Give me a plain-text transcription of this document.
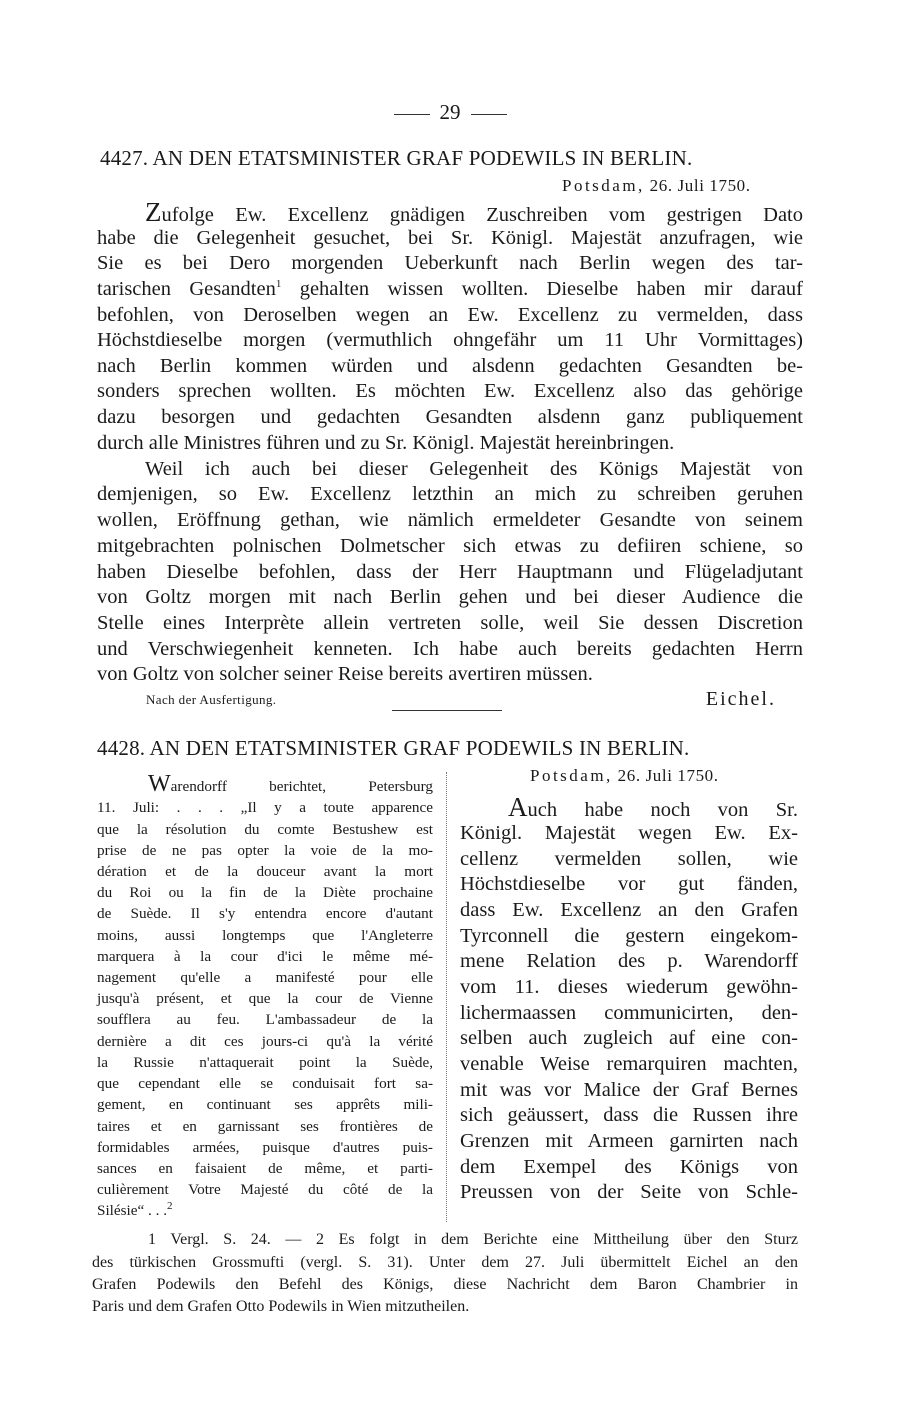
29
4427. AN DEN ETATSMINISTER GRAF PODEWILS IN BERLIN.
Potsdam, 26. Juli 1750.
Zufolge Ew. Excellenz gnädigen Zuschreiben vom gestrigen Dato
habe die Gelegenheit gesuchet, bei Sr. Königl. Majestät anzufragen, wie
Sie es bei Dero morgenden Ueberkunft nach Berlin wegen des tar-
tarischen Gesandten$^1$ gehalten wissen wollten. Dieselbe haben mir darauf
befohlen, von Deroselben wegen an Ew. Excellenz zu vermelden, dass
Höchstdieselbe morgen (vermuthlich ohngefähr um 11 Uhr Vormittages)
nach Berlin kommen würden und alsdenn gedachten Gesandten be-
sonders sprechen wollten. Es möchten Ew. Excellenz also das gehörige
dazu besorgen und gedachten Gesandten alsdenn ganz publiquement
durch alle Ministres führen und zu Sr. Königl. Majestät hereinbringen.
Weil ich auch bei dieser Gelegenheit des Königs Majestät von
demjenigen, so Ew. Excellenz letzthin an mich zu schreiben geruhen
wollen, Eröffnung gethan, wie nämlich ermeldeter Gesandte von seinem
mitgebrachten polnischen Dolmetscher sich etwas zu defiiren schiene, so
haben Dieselbe befohlen, dass der Herr Hauptmann und Flügeladjutant
von Goltz morgen mit nach Berlin gehen und bei dieser Audience die
Stelle eines Interprète allein vertreten solle, weil Sie dessen Discretion
und Verschwiegenheit kenneten. Ich habe auch bereits gedachten Herrn
von Goltz von solcher seiner Reise bereits avertiren müssen.
Nach der Ausfertigung.	Eichel.
4428. AN DEN ETATSMINISTER GRAF PODEWILS IN BERLIN.
Potsdam, 26. Juli 1750.
Warendorff berichtet, Petersburg
11. Juli: . . . „Il y a toute apparence
que la résolution du comte Bestushew est
prise de ne pas opter la voie de la mo-
dération et de la douceur avant la mort
du Roi ou la fin de la Diète prochaine
de Suède. Il s'y entendra encore d'autant
moins, aussi longtemps que l'Angleterre
marquera à la cour d'ici le même mé-
nagement qu'elle a manifesté pour elle
jusqu'à présent, et que la cour de Vienne
soufflera au feu. L'ambassadeur de la
dernière a dit ces jours-ci qu'à la vérité
la Russie n'attaquerait point la Suède,
que cependant elle se conduisait fort sa-
gement, en continuant ses apprêts mili-
taires et en garnissant ses frontières de
formidables armées, puisque d'autres puis-
sances en faisaient de même, et parti-
culièrement Votre Majesté du côté de la
Silésie“ . . .$^2$
Auch habe noch von Sr.
Königl. Majestät wegen Ew. Ex-
cellenz vermelden sollen, wie
Höchstdieselbe vor gut fänden,
dass Ew. Excellenz an den Grafen
Tyrconnell die gestern eingekom-
mene Relation des p. Warendorff
vom 11. dieses wiederum gewöhn-
lichermaassen communicirten, den-
selben auch zugleich auf eine con-
venable Weise remarquiren machten,
mit was vor Malice der Graf Bernes
sich geäussert, dass die Russen ihre
Grenzen mit Armeen garnirten nach
dem Exempel des Königs von
Preussen von der Seite von Schle-
1 Vergl. S. 24. — 2 Es folgt in dem Berichte eine Mittheilung über den Sturz
des türkischen Grossmufti (vergl. S. 31). Unter dem 27. Juli übermittelt Eichel an den
Grafen Podewils den Befehl des Königs, diese Nachricht dem Baron Chambrier in
Paris und dem Grafen Otto Podewils in Wien mitzutheilen.
